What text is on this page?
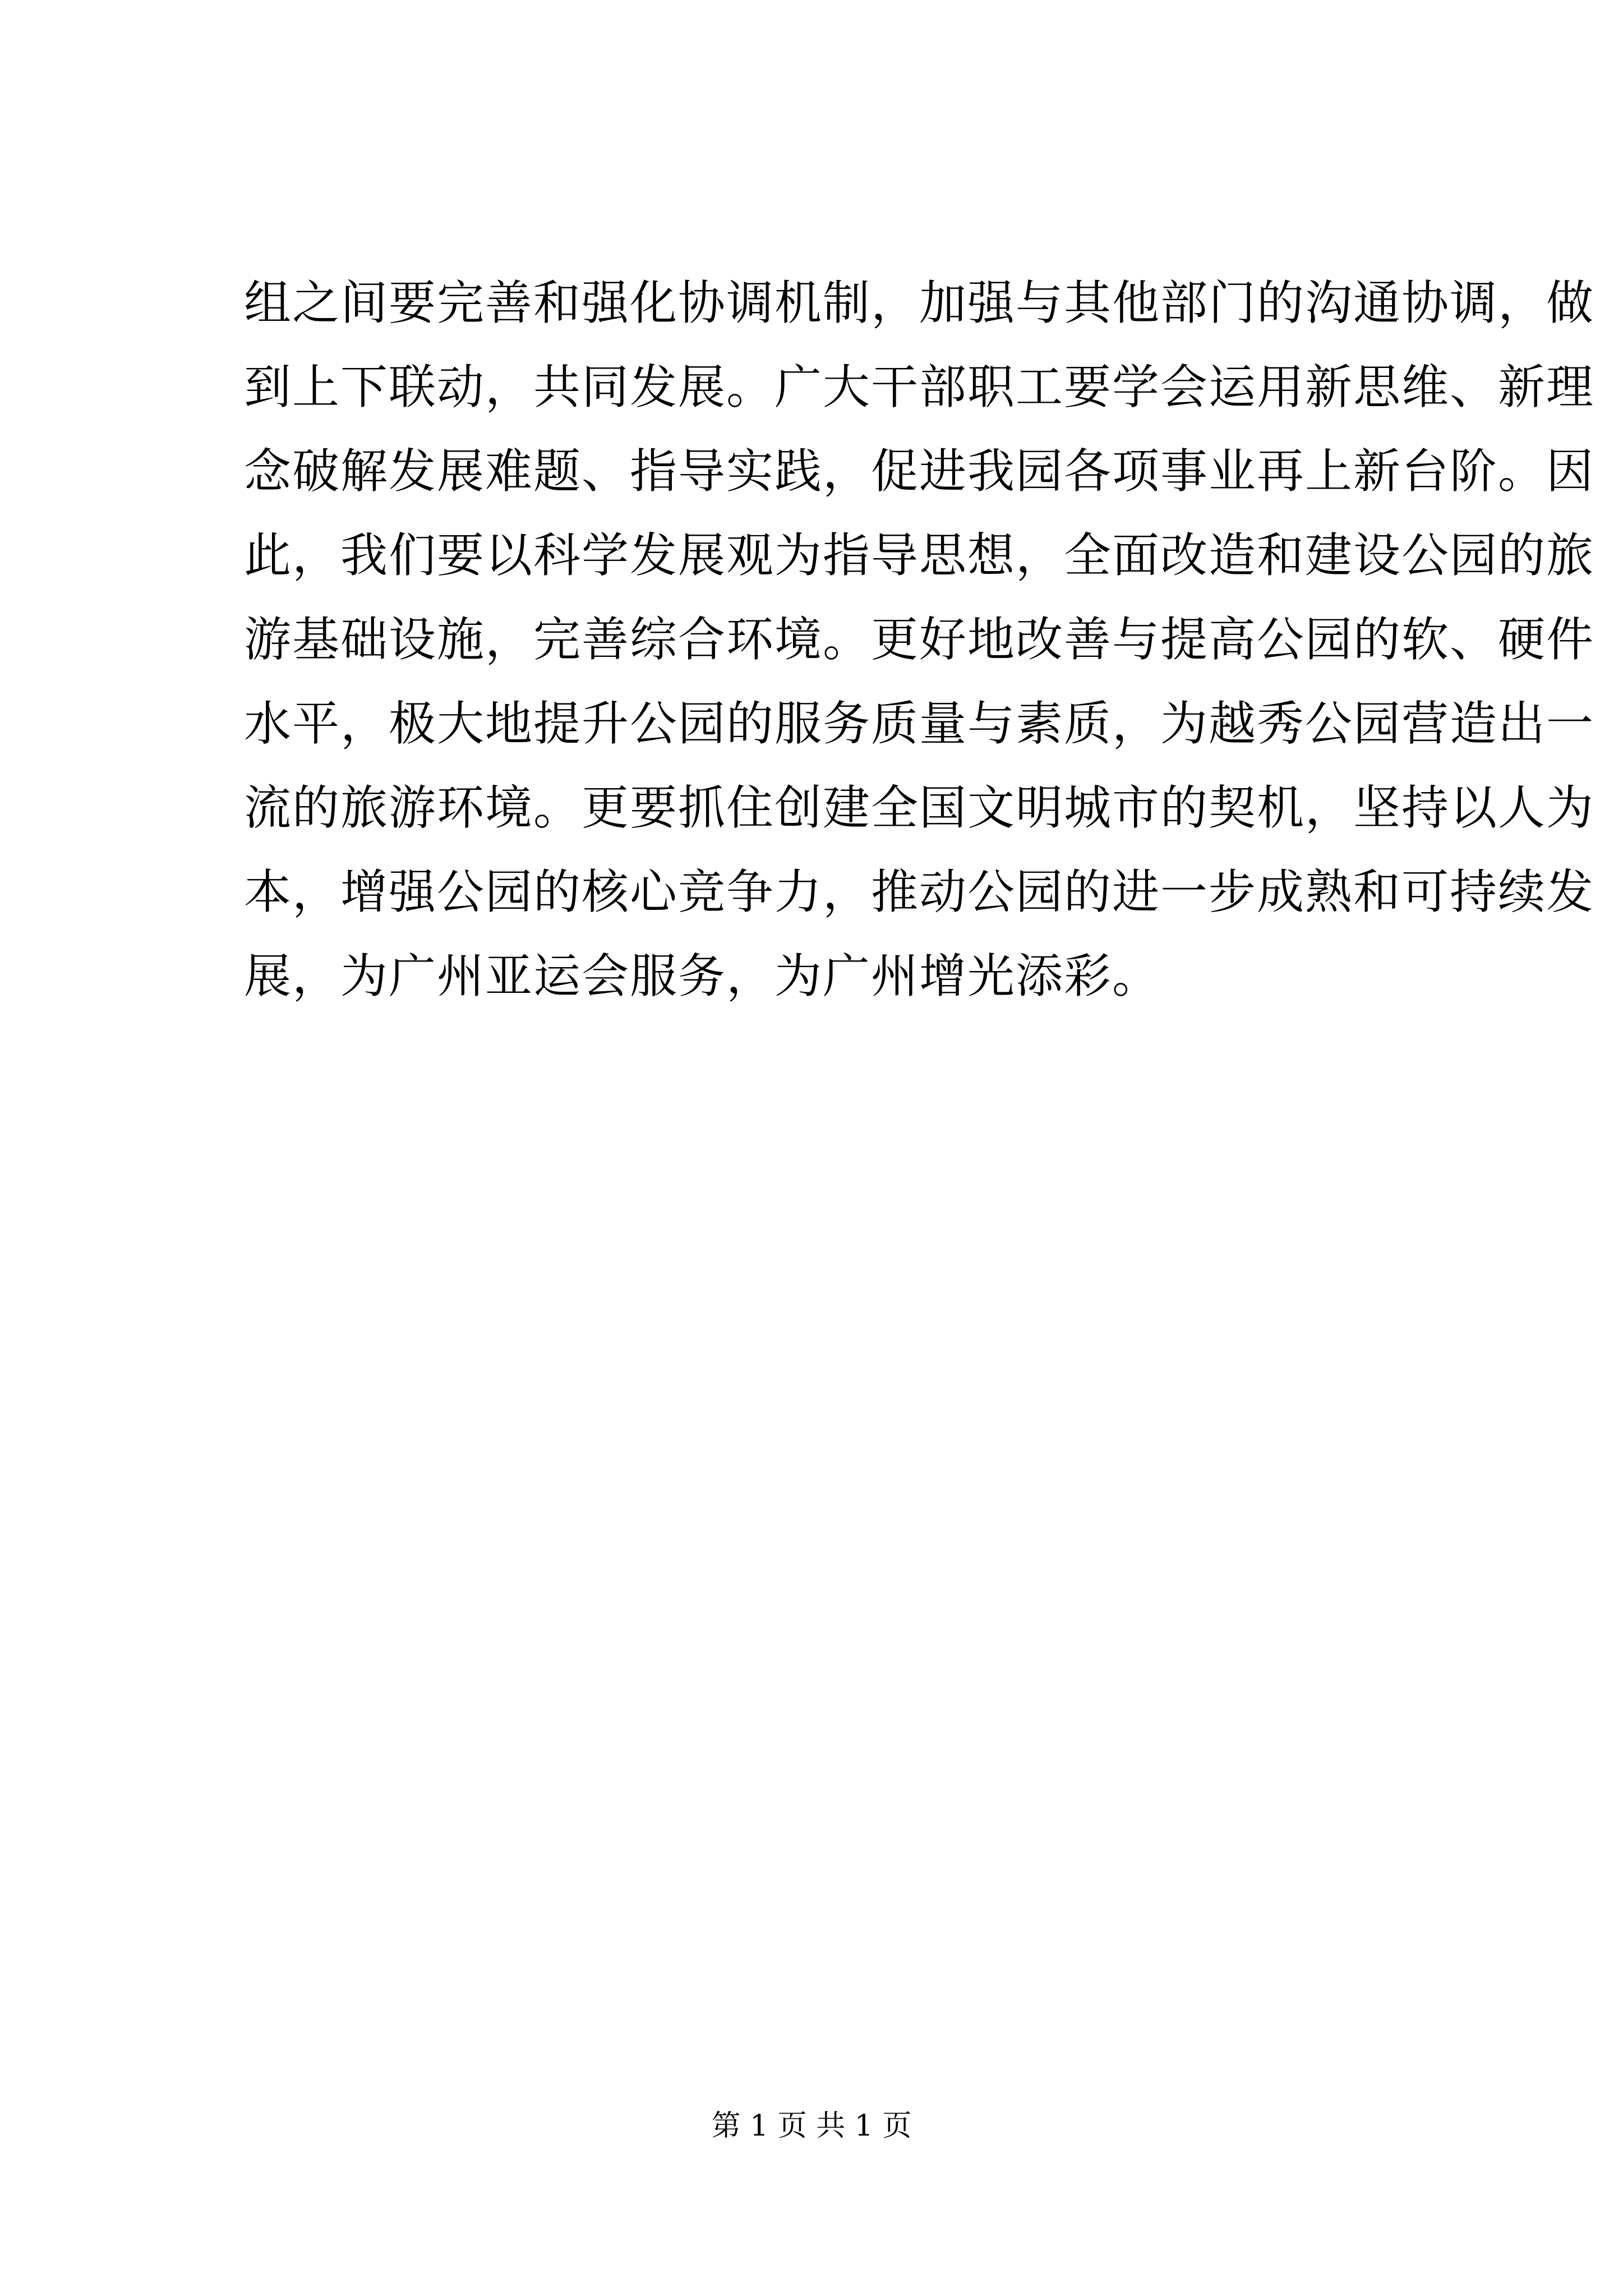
组之间要完善和强化协调机制，加强与其他部门的沟通协调，做
到上下联动，共同发展。广大干部职工要学会运用新思维、新理
念破解发展难题、指导实践，促进我园各项事业再上新台阶。因
此，我们要以科学发展观为指导思想，全面改造和建设公园的旅
游基础设施，完善综合环境。更好地改善与提高公园的软、硬件
水平，极大地提升公园的服务质量与素质，为越秀公园营造出一
流的旅游环境。更要抓住创建全国文明城市的契机，坚持以人为
本，增强公园的核心竞争力，推动公园的进一步成熟和可持续发
展，为广州亚运会服务，为广州增光添彩。
第 1 页 共 1 页
